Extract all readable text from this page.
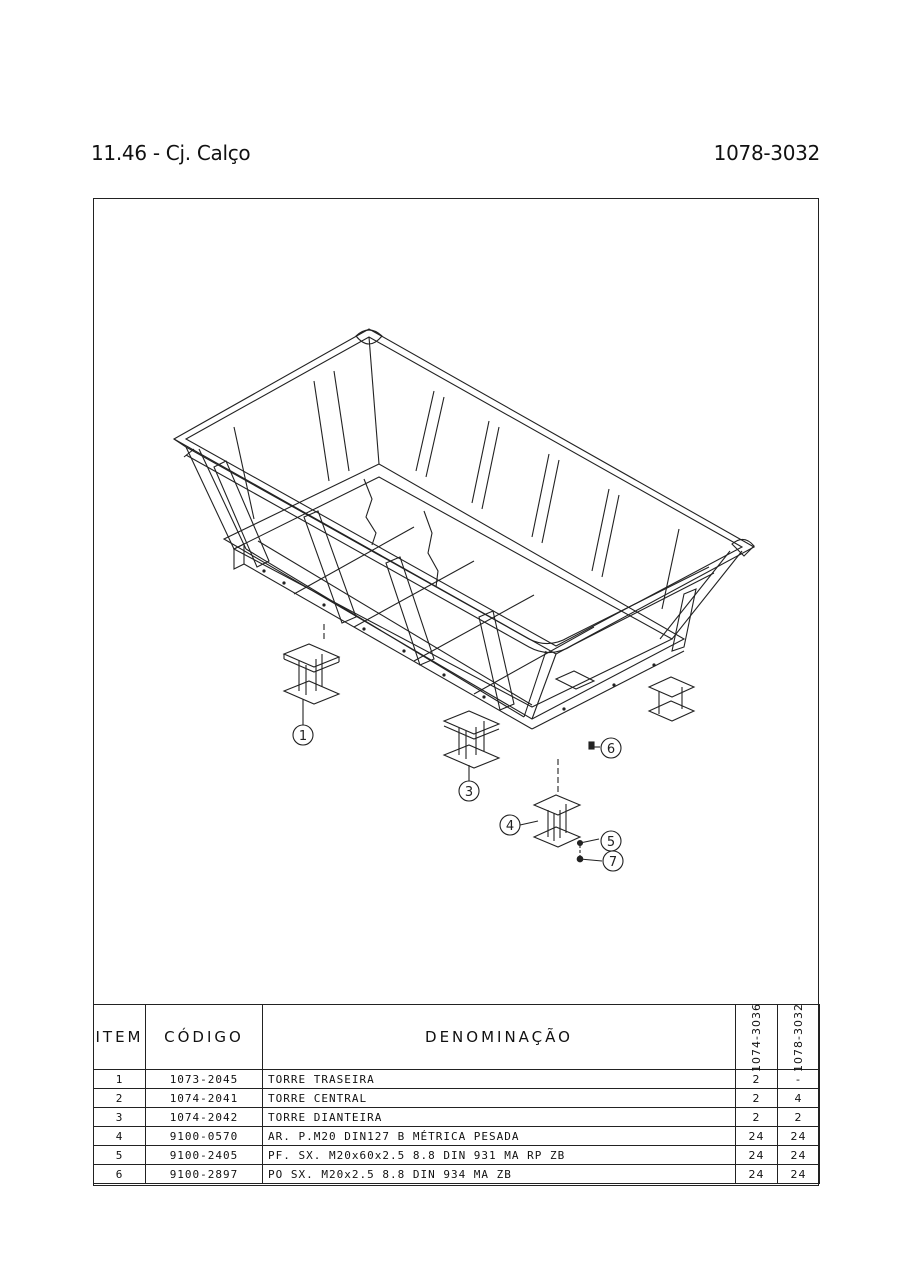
11.46 - Cj. Calço	1078-3032
1
3
4
5
6
7
ITEM	CÓDIGO	DENOMINAÇÃO	1074-3036	1078-3032

1	1073-2045	TORRE TRASEIRA	2	-
2	1074-2041	TORRE CENTRAL	2	4
3	1074-2042	TORRE DIANTEIRA	2	2
4	9100-0570	AR. P.M20 DIN127 B MÉTRICA PESADA	24	24
5	9100-2405	PF. SX. M20x60x2.5 8.8 DIN 931 MA RP ZB	24	24
6	9100-2897	PO SX. M20x2.5 8.8 DIN 934 MA ZB	24	24
